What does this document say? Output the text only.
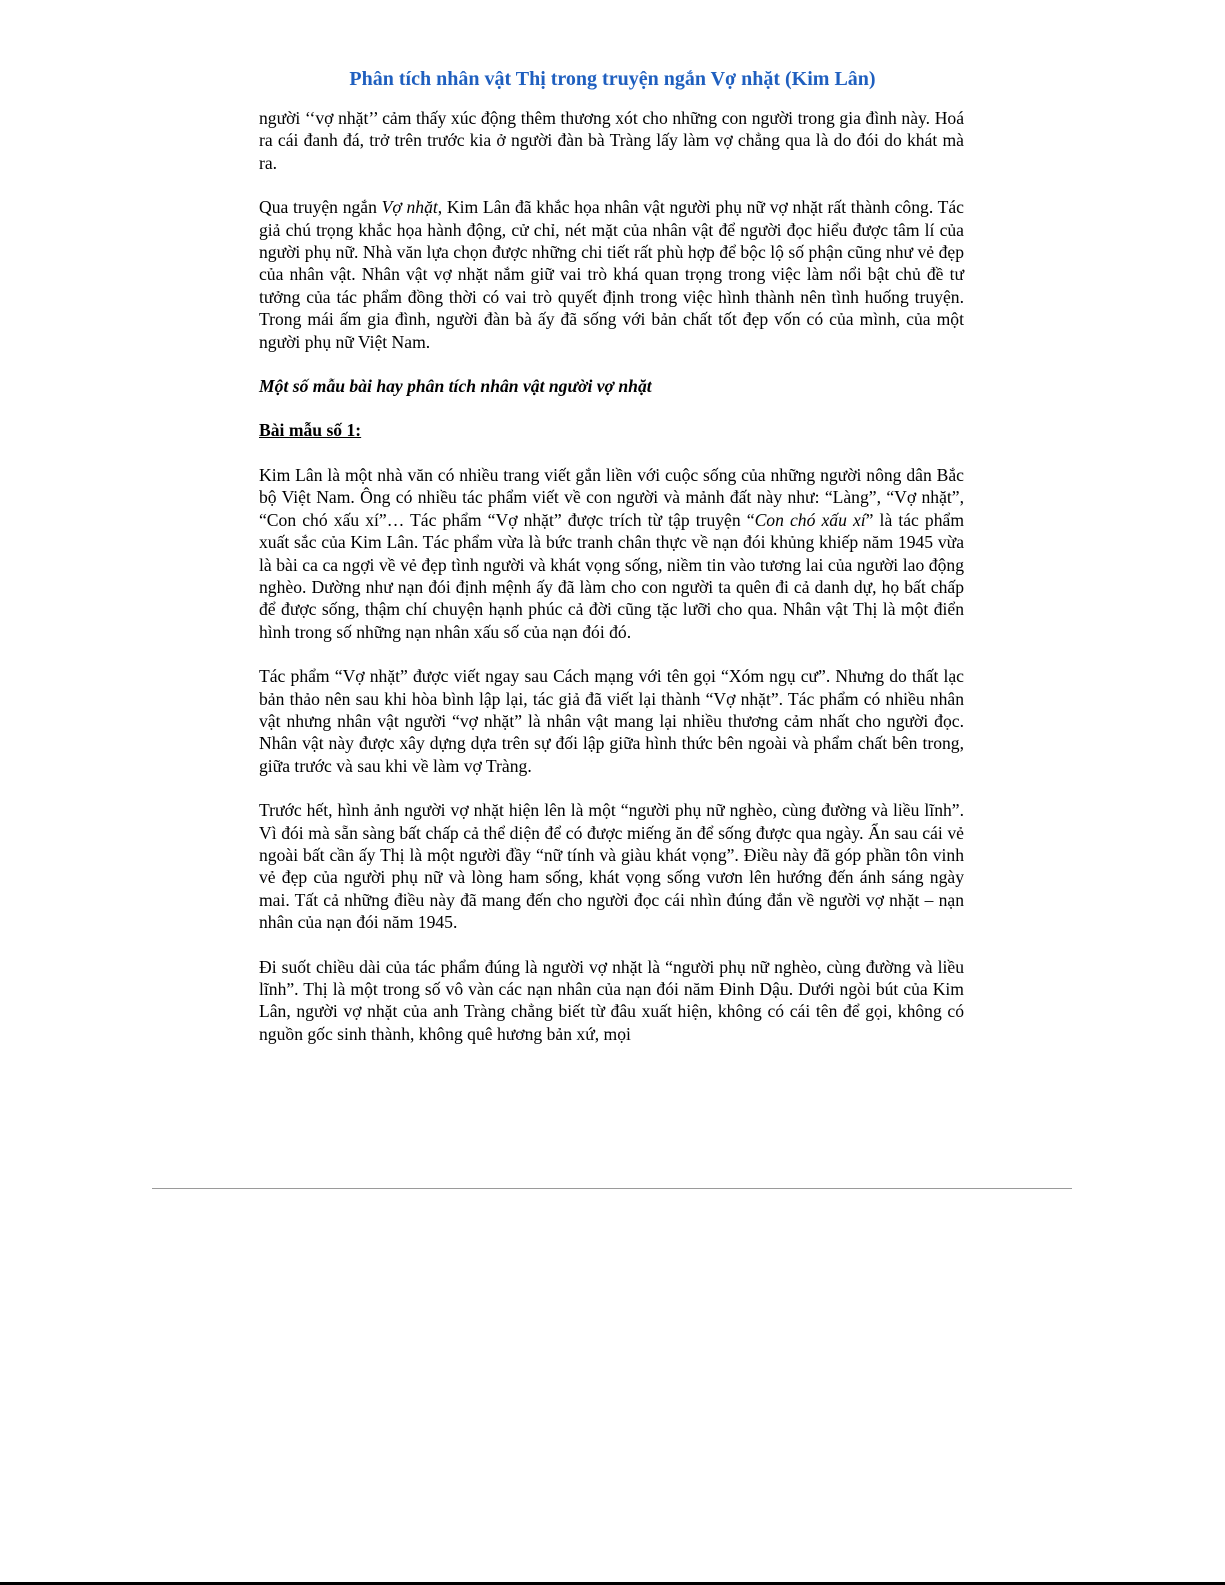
Phân tích nhân vật Thị trong truyện ngắn Vợ nhặt (Kim Lân)

người ‘‘vợ nhặt’’ cảm thấy xúc động thêm thương xót cho những con người trong gia đình này. Hoá ra cái đanh đá, trở trên trước kia ở người đàn bà Tràng lấy làm vợ chẳng qua là do đói do khát mà ra.

Qua truyện ngắn Vợ nhặt, Kim Lân đã khắc họa nhân vật người phụ nữ vợ nhặt rất thành công. Tác giả chú trọng khắc họa hành động, cử chỉ, nét mặt của nhân vật để người đọc hiểu được tâm lí của người phụ nữ. Nhà văn lựa chọn được những chi tiết rất phù hợp để bộc lộ số phận cũng như vẻ đẹp của nhân vật. Nhân vật vợ nhặt nắm giữ vai trò khá quan trọng trong việc làm nổi bật chủ đề tư tưởng của tác phẩm đồng thời có vai trò quyết định trong việc hình thành nên tình huống truyện. Trong mái ấm gia đình, người đàn bà ấy đã sống với bản chất tốt đẹp vốn có của mình, của một người phụ nữ Việt Nam.

Một số mẫu bài hay phân tích nhân vật người vợ nhặt
Bài mẫu số 1:

Kim Lân là một nhà văn có nhiều trang viết gắn liền với cuộc sống của những người nông dân Bắc bộ Việt Nam. Ông có nhiều tác phẩm viết về con người và mảnh đất này như: “Làng”, “Vợ nhặt”, “Con chó xấu xí”… Tác phẩm “Vợ nhặt” được trích từ tập truyện “Con chó xấu xí” là tác phẩm xuất sắc của Kim Lân. Tác phẩm vừa là bức tranh chân thực về nạn đói khủng khiếp năm 1945 vừa là bài ca ca ngợi về vẻ đẹp tình người và khát vọng sống, niềm tin vào tương lai của người lao động nghèo. Dường như nạn đói định mệnh ấy đã làm cho con người ta quên đi cả danh dự, họ bất chấp để được sống, thậm chí chuyện hạnh phúc cả đời cũng tặc lưỡi cho qua. Nhân vật Thị là một điển hình trong số những nạn nhân xấu số của nạn đói đó.

Tác phẩm “Vợ nhặt” được viết ngay sau Cách mạng với tên gọi “Xóm ngụ cư”. Nhưng do thất lạc bản thảo nên sau khi hòa bình lập lại, tác giả đã viết lại thành “Vợ nhặt”. Tác phẩm có nhiều nhân vật nhưng nhân vật người “vợ nhặt” là nhân vật mang lại nhiều thương cảm nhất cho người đọc. Nhân vật này được xây dựng dựa trên sự đối lập giữa hình thức bên ngoài và phẩm chất bên trong, giữa trước và sau khi về làm vợ Tràng.

Trước hết, hình ảnh người vợ nhặt hiện lên là một “người phụ nữ nghèo, cùng đường và liều lĩnh”. Vì đói mà sẵn sàng bất chấp cả thể diện để có được miếng ăn để sống được qua ngày. Ẩn sau cái vẻ ngoài bất cần ấy Thị là một người đầy “nữ tính và giàu khát vọng”. Điều này đã góp phần tôn vinh vẻ đẹp của người phụ nữ và lòng ham sống, khát vọng sống vươn lên hướng đến ánh sáng ngày mai. Tất cả những điều này đã mang đến cho người đọc cái nhìn đúng đắn về người vợ nhặt – nạn nhân của nạn đói năm 1945.

Đi suốt chiều dài của tác phẩm đúng là người vợ nhặt là “người phụ nữ nghèo, cùng đường và liều lĩnh”. Thị là một trong số vô vàn các nạn nhân của nạn đói năm Đinh Dậu. Dưới ngòi bút của Kim Lân, người vợ nhặt của anh Tràng chẳng biết từ đâu xuất hiện, không có cái tên để gọi, không có nguồn gốc sinh thành, không quê hương bản xứ, mọi
